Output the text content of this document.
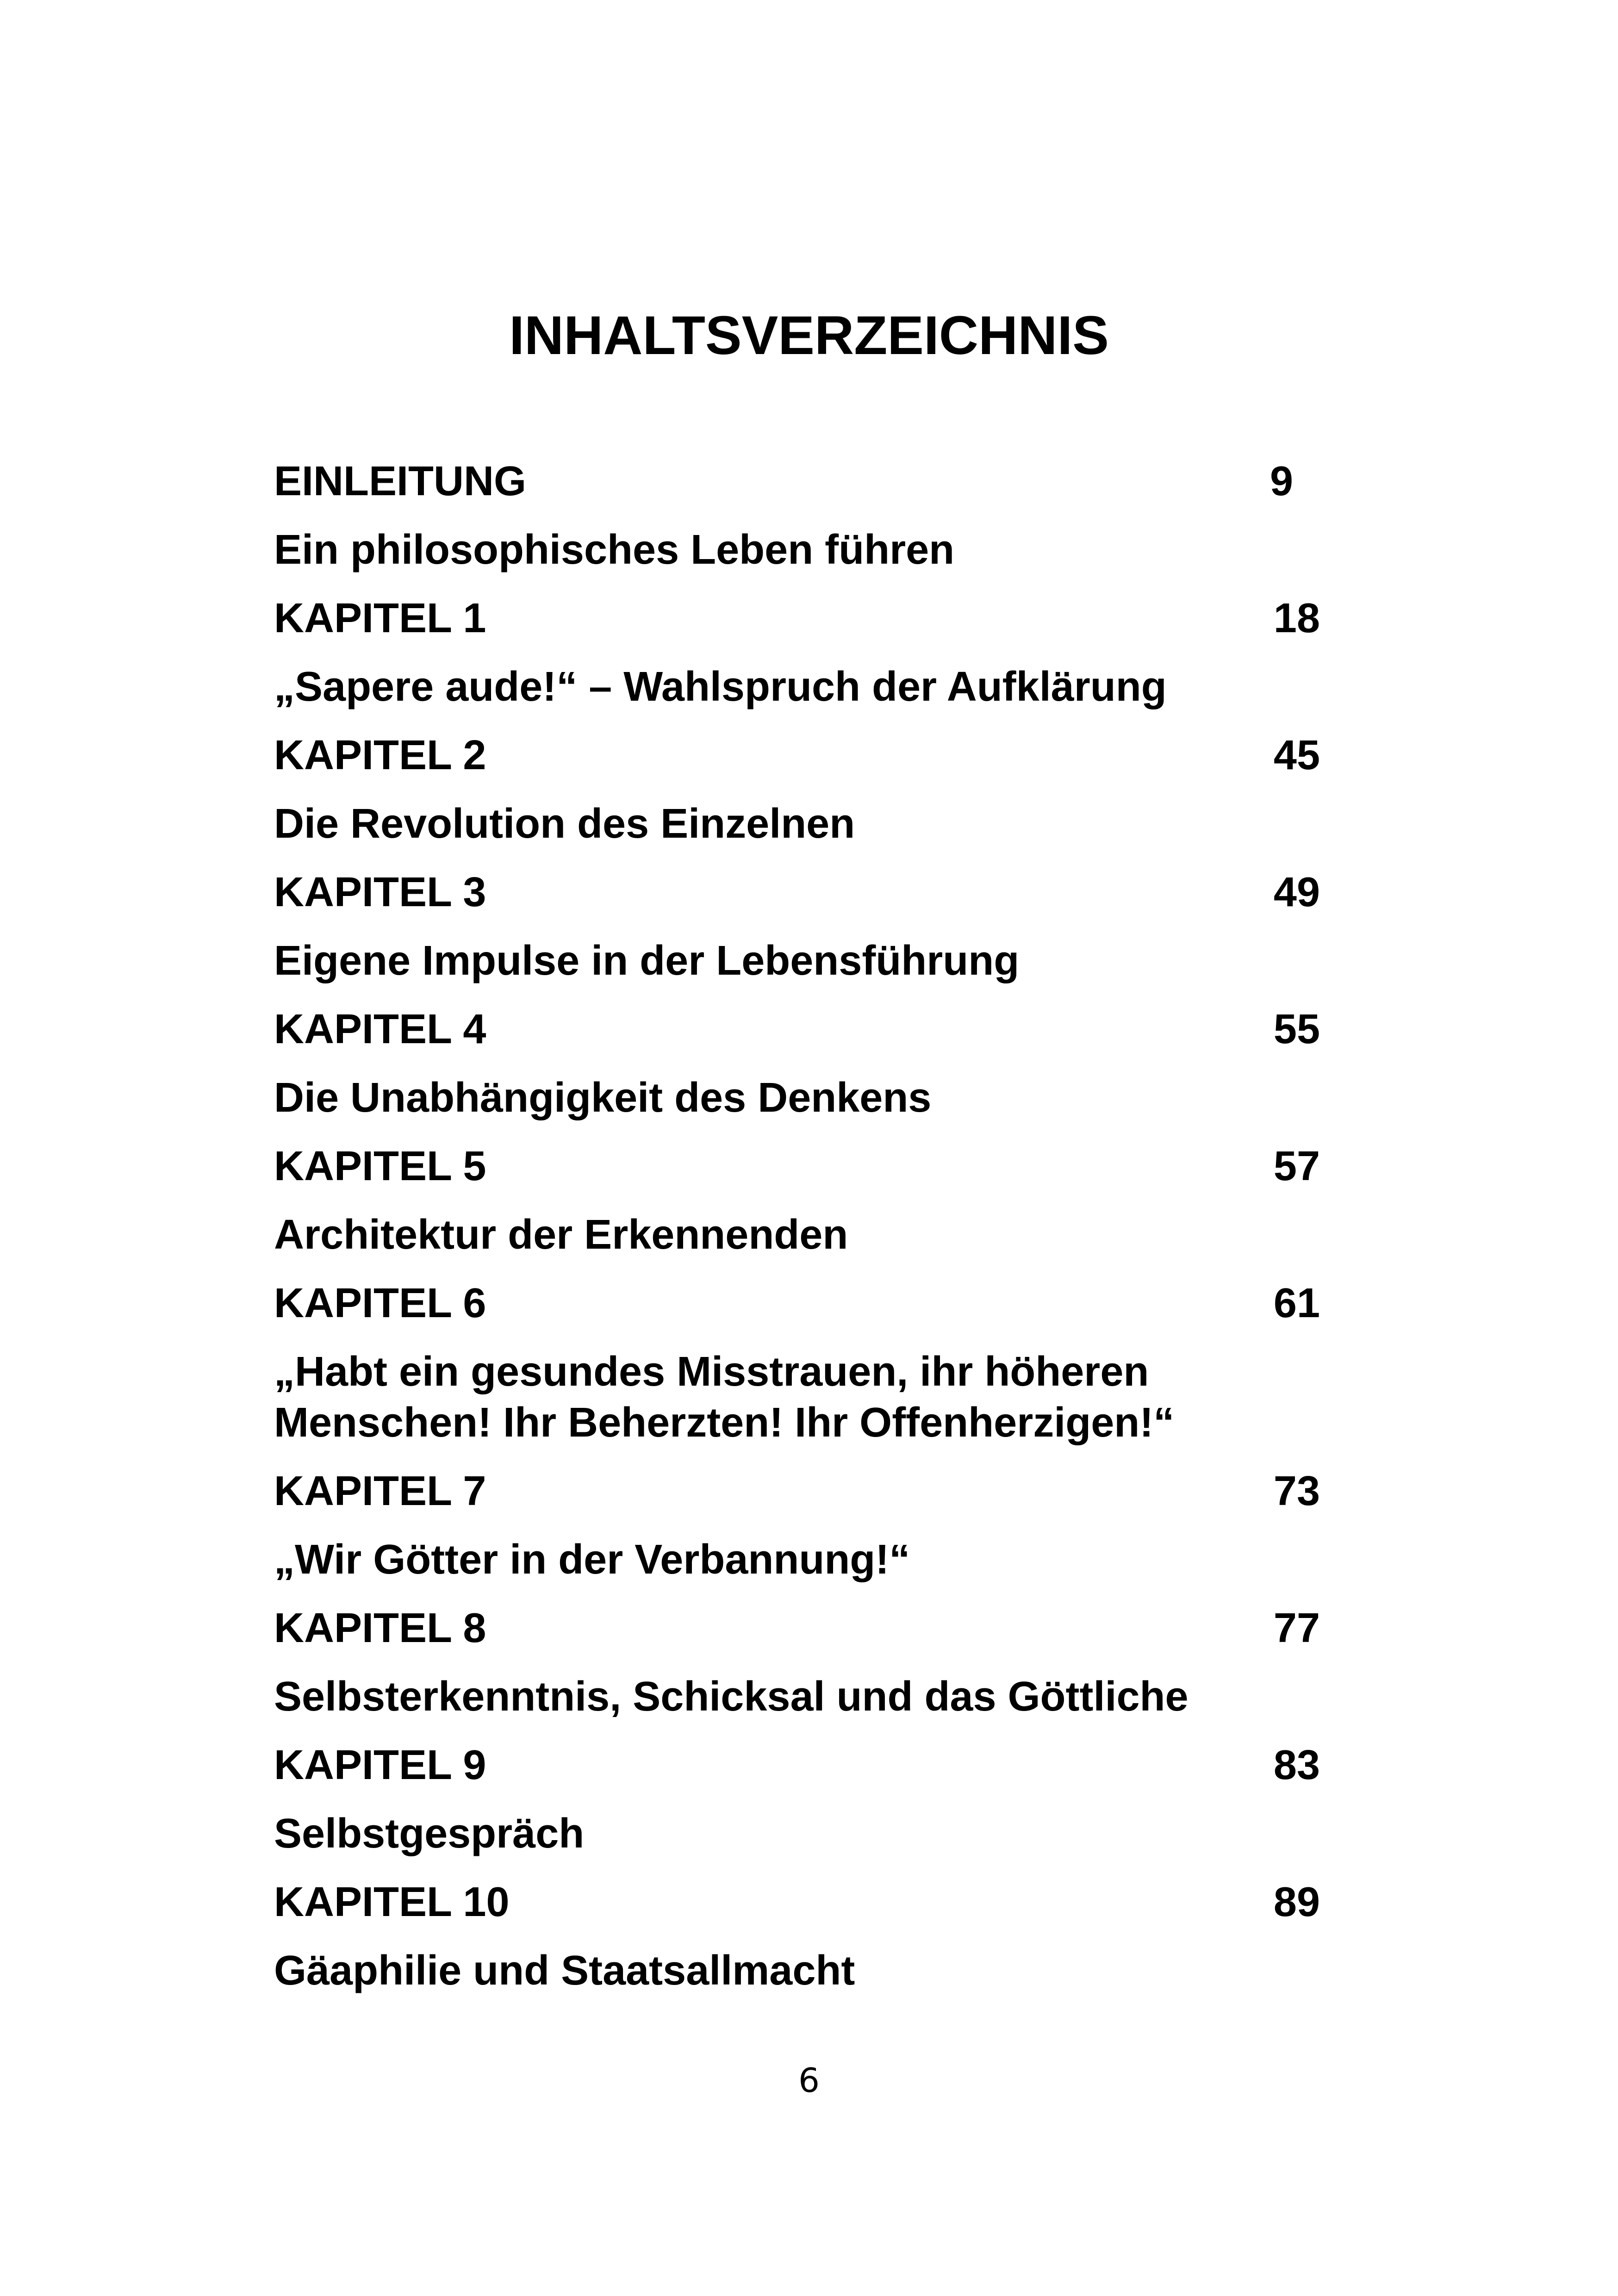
INHALTSVERZEICHNIS
EINLEITUNG	9
Ein philosophisches Leben führen
KAPITEL 1	18
„Sapere aude!“ – Wahlspruch der Aufklärung
KAPITEL 2	45
Die Revolution des Einzelnen
KAPITEL 3	49
Eigene Impulse in der Lebensführung
KAPITEL 4	55
Die Unabhängigkeit des Denkens
KAPITEL 5	57
Architektur der Erkennenden
KAPITEL 6	61
„Habt ein gesundes Misstrauen, ihr höheren
Menschen! Ihr Beherzten! Ihr Offenherzigen!“
KAPITEL 7	73
„Wir Götter in der Verbannung!“
KAPITEL 8	77
Selbsterkenntnis, Schicksal und das Göttliche
KAPITEL 9	83
Selbstgespräch
KAPITEL 10	89
Gäaphilie und Staatsallmacht
6
